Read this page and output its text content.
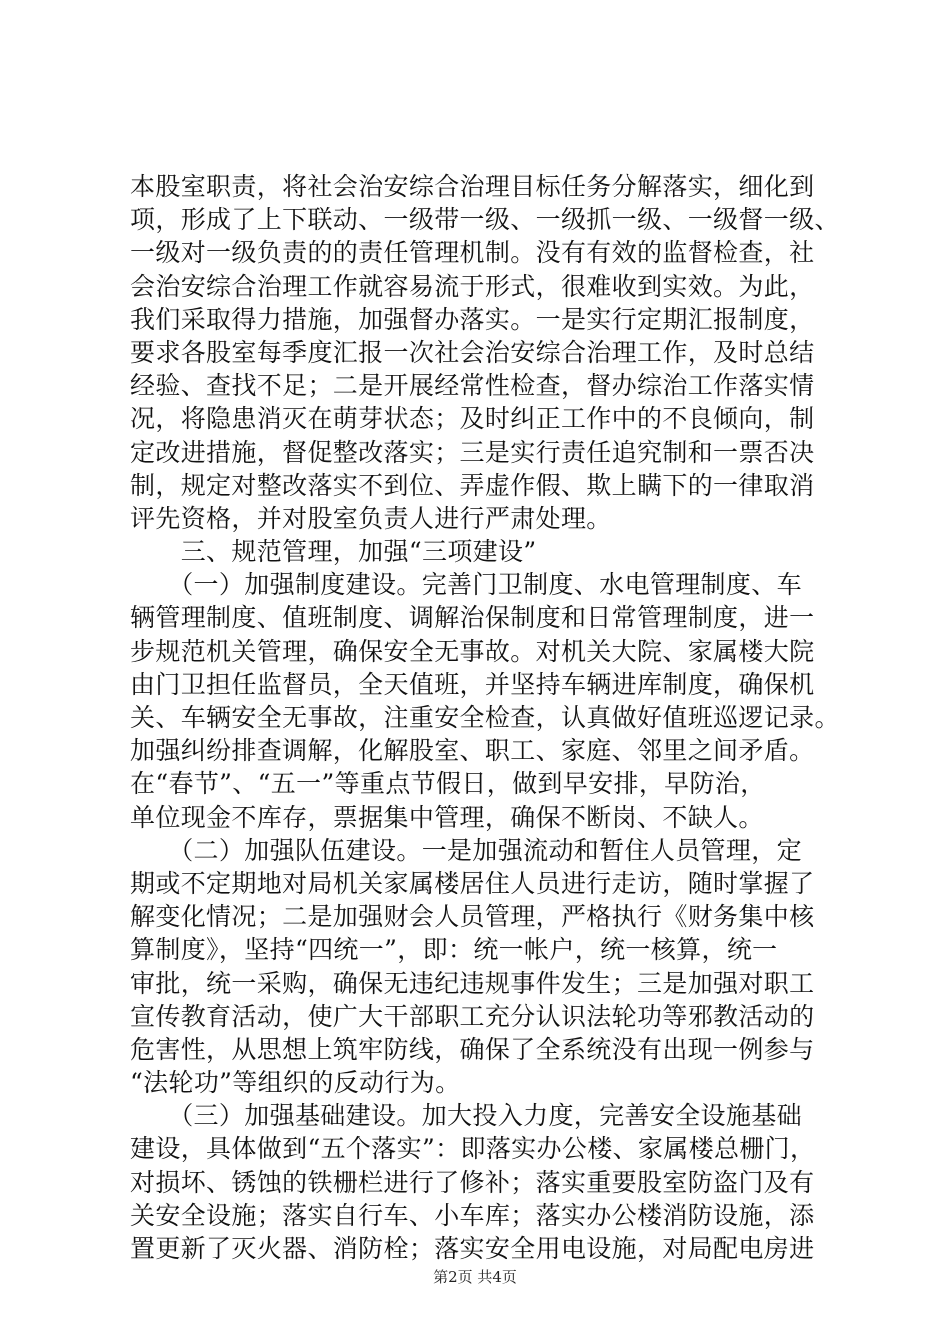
本股室职责，将社会治安综合治理目标任务分解落实，细化到
项，形成了上下联动、一级带一级、一级抓一级、一级督一级、
一级对一级负责的的责任管理机制。没有有效的监督检查，社
会治安综合治理工作就容易流于形式，很难收到实效。为此，
我们采取得力措施，加强督办落实。一是实行定期汇报制度，
要求各股室每季度汇报一次社会治安综合治理工作，及时总结
经验、查找不足；二是开展经常性检查，督办综治工作落实情
况，将隐患消灭在萌芽状态；及时纠正工作中的不良倾向，制
定改进措施，督促整改落实；三是实行责任追究制和一票否决
制，规定对整改落实不到位、弄虚作假、欺上瞒下的一律取消
评先资格，并对股室负责人进行严肃处理。
　　三、规范管理，加强“三项建设”
　　（一）加强制度建设。完善门卫制度、水电管理制度、车
辆管理制度、值班制度、调解治保制度和日常管理制度，进一
步规范机关管理，确保安全无事故。对机关大院、家属楼大院
由门卫担任监督员，全天值班，并坚持车辆进库制度，确保机
关、车辆安全无事故，注重安全检查，认真做好值班巡逻记录。
加强纠纷排查调解，化解股室、职工、家庭、邻里之间矛盾。
在“春节”、“五一”等重点节假日，做到早安排，早防治，
单位现金不库存，票据集中管理，确保不断岗、不缺人。
　　（二）加强队伍建设。一是加强流动和暂住人员管理，定
期或不定期地对局机关家属楼居住人员进行走访，随时掌握了
解变化情况；二是加强财会人员管理，严格执行《财务集中核
算制度》，坚持“四统一”，即：统一帐户，统一核算，统一
审批，统一采购，确保无违纪违规事件发生；三是加强对职工
宣传教育活动，使广大干部职工充分认识法轮功等邪教活动的
危害性，从思想上筑牢防线，确保了全系统没有出现一例参与
“法轮功”等组织的反动行为。
　　（三）加强基础建设。加大投入力度，完善安全设施基础
建设，具体做到“五个落实”：即落实办公楼、家属楼总栅门，
对损坏、锈蚀的铁栅栏进行了修补；落实重要股室防盗门及有
关安全设施；落实自行车、小车库；落实办公楼消防设施，添
置更新了灭火器、消防栓；落实安全用电设施，对局配电房进
第2页 共4页
